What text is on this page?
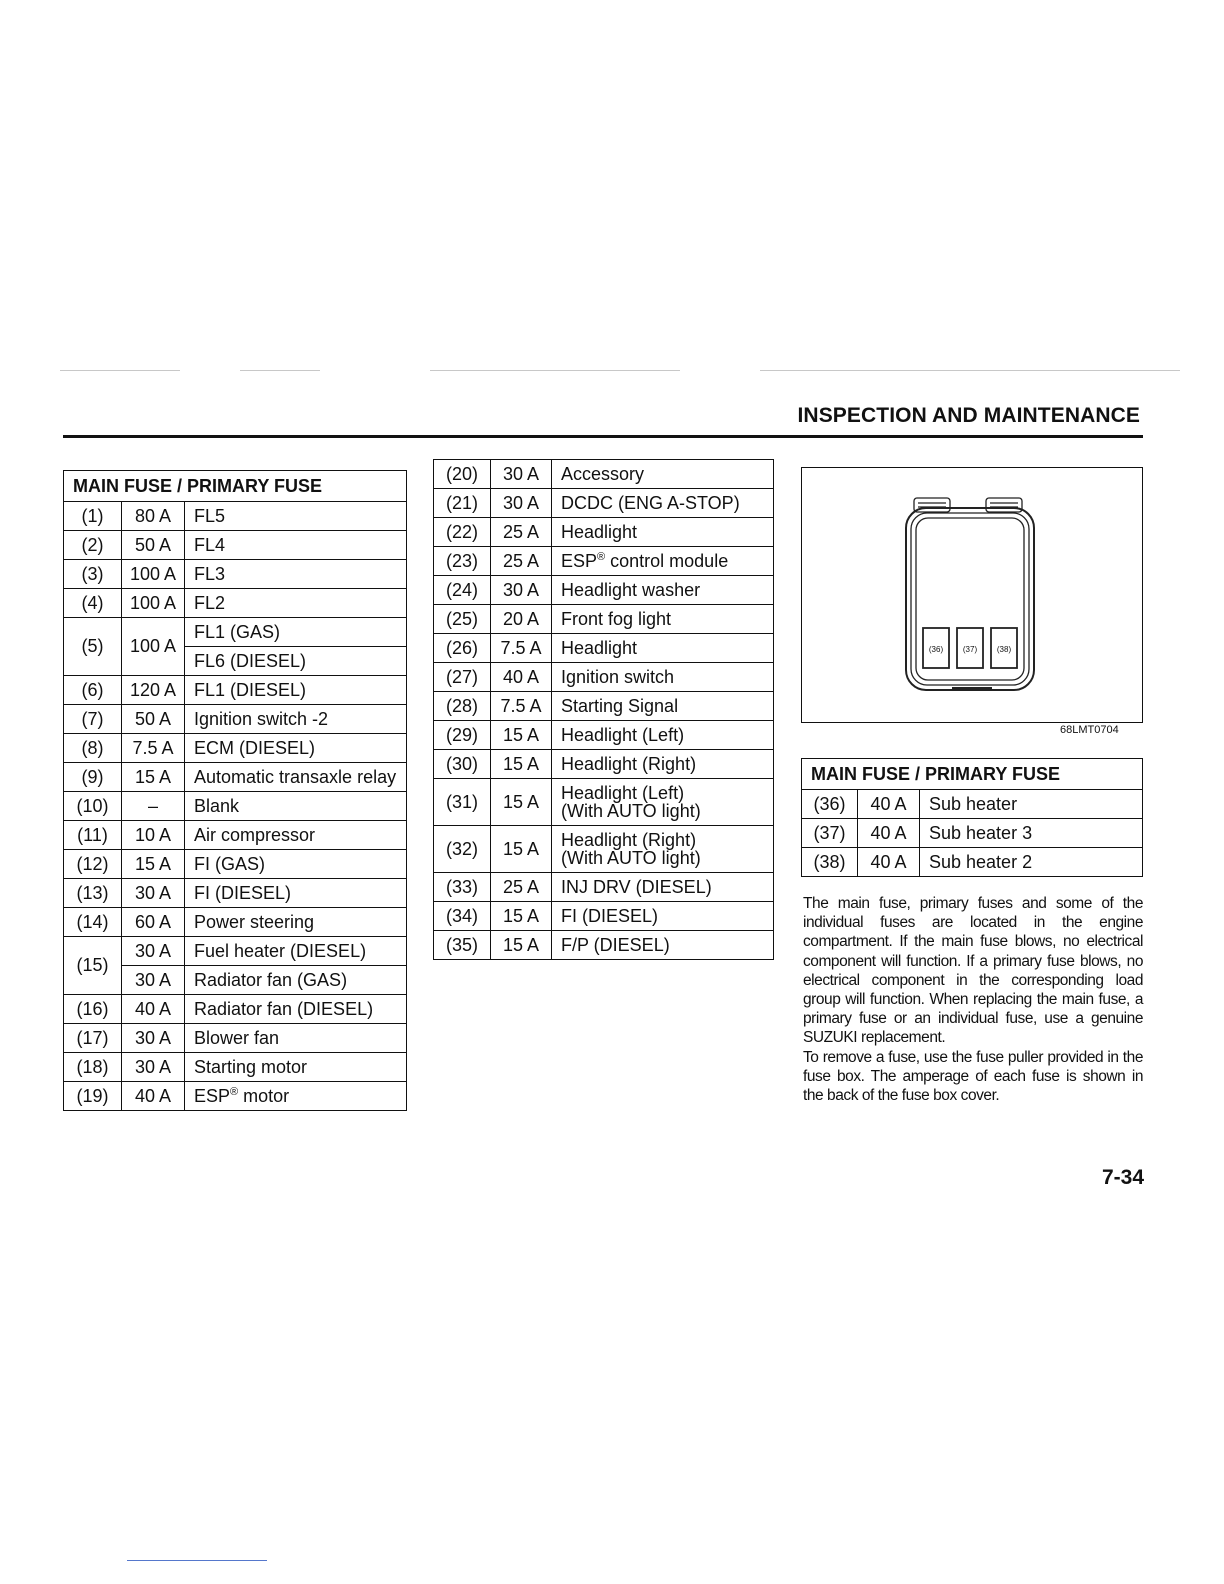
INSPECTION AND MAINTENANCE
MAIN FUSE / PRIMARY FUSE		
(1)	80 A	FL5
(2)	50 A	FL4
(3)	100 A	FL3
(4)	100 A	FL2
(5)	100 A	FL1 (GAS)
		FL6 (DIESEL)
(6)	120 A	FL1 (DIESEL)
(7)	50 A	Ignition switch -2
(8)	7.5 A	ECM (DIESEL)
(9)	15 A	Automatic transaxle relay
(10)	–	Blank
(11)	10 A	Air compressor
(12)	15 A	FI (GAS)
(13)	30 A	FI (DIESEL)
(14)	60 A	Power steering
(15)	30 A	Fuel heater (DIESEL)
	30 A	Radiator fan (GAS)
(16)	40 A	Radiator fan (DIESEL)
(17)	30 A	Blower fan
(18)	30 A	Starting motor
(19)	40 A	ESP® motor
(20)	30 A	Accessory
(21)	30 A	DCDC (ENG A-STOP)
(22)	25 A	Headlight
(23)	25 A	ESP® control module
(24)	30 A	Headlight washer
(25)	20 A	Front fog light
(26)	7.5 A	Headlight
(27)	40 A	Ignition switch
(28)	7.5 A	Starting Signal
(29)	15 A	Headlight (Left)
(30)	15 A	Headlight (Right)
(31)	15 A	Headlight (Left)
(With AUTO light)

(32)	15 A	Headlight (Right)
(With AUTO light)

(33)	25 A	INJ DRV (DIESEL)
(34)	15 A	FI (DIESEL)
(35)	15 A	F/P (DIESEL)
(36) (37) (38)
68LMT0704
MAIN FUSE / PRIMARY FUSE		
(36)	40 A	Sub heater
(37)	40 A	Sub heater 3
(38)	40 A	Sub heater 2

The main fuse, primary fuses and some of the individual fuses are located in the engine compartment. If the main fuse blows, no electrical component will function. If a primary fuse blows, no electrical component in the corresponding load group will function. When replacing the main fuse, a primary fuse or an individual fuse, use a genuine SUZUKI replacement.

To remove a fuse, use the fuse puller provided in the fuse box. The amperage of each fuse is shown in the back of the fuse box cover.

7-34
